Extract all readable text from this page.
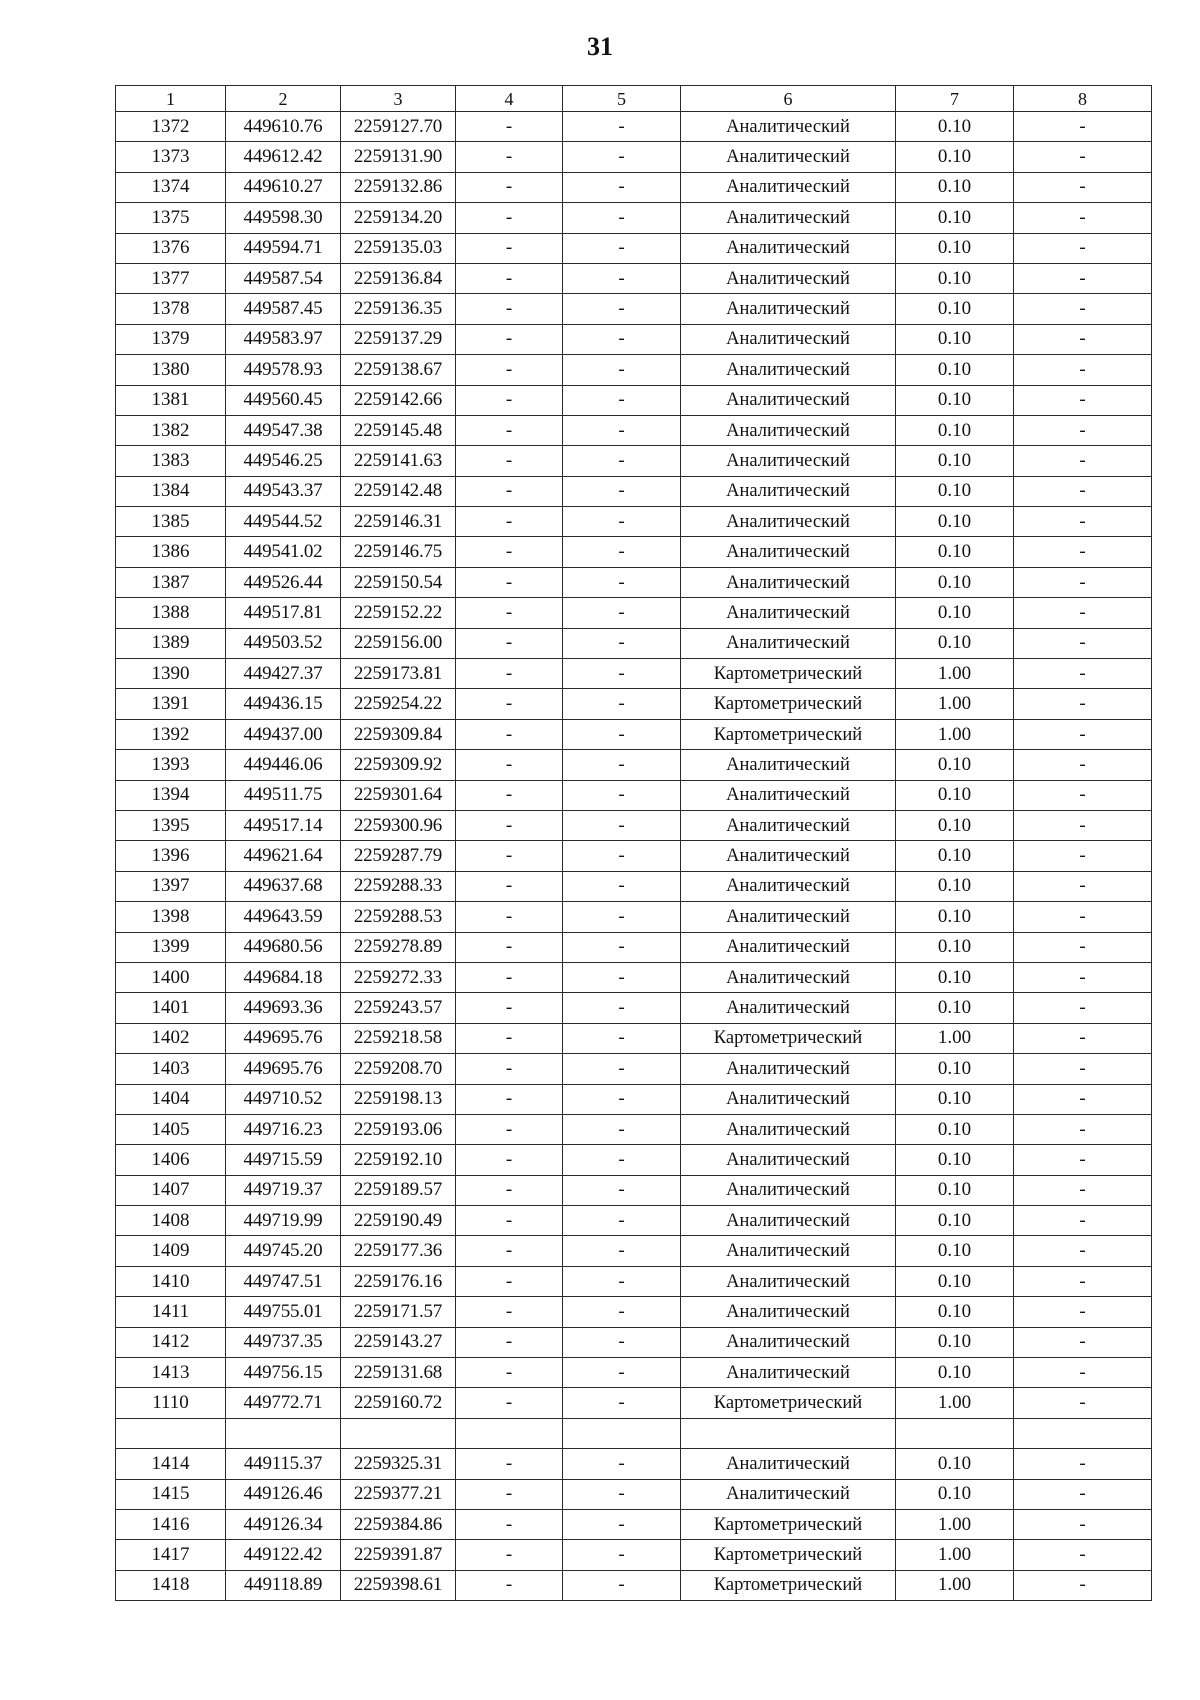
31
1	2	3	4	5	6	7	8
1372	449610.76	2259127.70	-	-	Аналитический	0.10	-
1373	449612.42	2259131.90	-	-	Аналитический	0.10	-
1374	449610.27	2259132.86	-	-	Аналитический	0.10	-
1375	449598.30	2259134.20	-	-	Аналитический	0.10	-
1376	449594.71	2259135.03	-	-	Аналитический	0.10	-
1377	449587.54	2259136.84	-	-	Аналитический	0.10	-
1378	449587.45	2259136.35	-	-	Аналитический	0.10	-
1379	449583.97	2259137.29	-	-	Аналитический	0.10	-
1380	449578.93	2259138.67	-	-	Аналитический	0.10	-
1381	449560.45	2259142.66	-	-	Аналитический	0.10	-
1382	449547.38	2259145.48	-	-	Аналитический	0.10	-
1383	449546.25	2259141.63	-	-	Аналитический	0.10	-
1384	449543.37	2259142.48	-	-	Аналитический	0.10	-
1385	449544.52	2259146.31	-	-	Аналитический	0.10	-
1386	449541.02	2259146.75	-	-	Аналитический	0.10	-
1387	449526.44	2259150.54	-	-	Аналитический	0.10	-
1388	449517.81	2259152.22	-	-	Аналитический	0.10	-
1389	449503.52	2259156.00	-	-	Аналитический	0.10	-
1390	449427.37	2259173.81	-	-	Картометрический	1.00	-
1391	449436.15	2259254.22	-	-	Картометрический	1.00	-
1392	449437.00	2259309.84	-	-	Картометрический	1.00	-
1393	449446.06	2259309.92	-	-	Аналитический	0.10	-
1394	449511.75	2259301.64	-	-	Аналитический	0.10	-
1395	449517.14	2259300.96	-	-	Аналитический	0.10	-
1396	449621.64	2259287.79	-	-	Аналитический	0.10	-
1397	449637.68	2259288.33	-	-	Аналитический	0.10	-
1398	449643.59	2259288.53	-	-	Аналитический	0.10	-
1399	449680.56	2259278.89	-	-	Аналитический	0.10	-
1400	449684.18	2259272.33	-	-	Аналитический	0.10	-
1401	449693.36	2259243.57	-	-	Аналитический	0.10	-
1402	449695.76	2259218.58	-	-	Картометрический	1.00	-
1403	449695.76	2259208.70	-	-	Аналитический	0.10	-
1404	449710.52	2259198.13	-	-	Аналитический	0.10	-
1405	449716.23	2259193.06	-	-	Аналитический	0.10	-
1406	449715.59	2259192.10	-	-	Аналитический	0.10	-
1407	449719.37	2259189.57	-	-	Аналитический	0.10	-
1408	449719.99	2259190.49	-	-	Аналитический	0.10	-
1409	449745.20	2259177.36	-	-	Аналитический	0.10	-
1410	449747.51	2259176.16	-	-	Аналитический	0.10	-
1411	449755.01	2259171.57	-	-	Аналитический	0.10	-
1412	449737.35	2259143.27	-	-	Аналитический	0.10	-
1413	449756.15	2259131.68	-	-	Аналитический	0.10	-
1110	449772.71	2259160.72	-	-	Картометрический	1.00	-

1414	449115.37	2259325.31	-	-	Аналитический	0.10	-
1415	449126.46	2259377.21	-	-	Аналитический	0.10	-
1416	449126.34	2259384.86	-	-	Картометрический	1.00	-
1417	449122.42	2259391.87	-	-	Картометрический	1.00	-
1418	449118.89	2259398.61	-	-	Картометрический	1.00	-
